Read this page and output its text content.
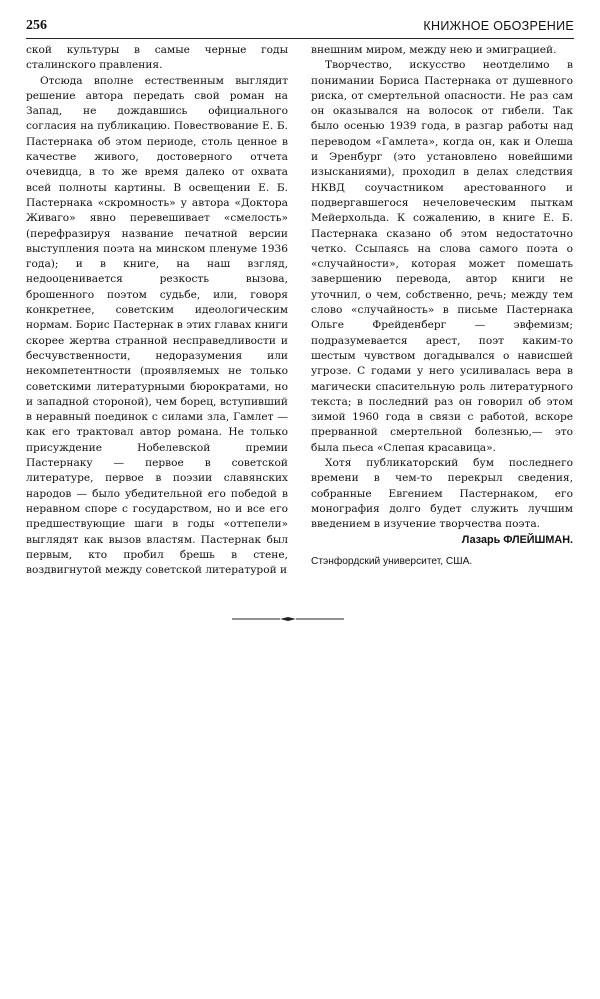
256	КНИЖНОЕ ОБОЗРЕНИЕ

ской культуры в самые черные годы сталинского правления.

Отсюда вполне естественным выглядит решение автора передать свой роман на Запад, не дождавшись официального согласия на публикацию. Повествование Е. Б. Пастернака об этом периоде, столь ценное в качестве живого, достоверного отчета очевидца, в то же время далеко от охвата всей полноты картины. В освещении Е. Б. Пастернака «скромность» у автора «Доктора Живаго» явно перевешивает «смелость» (перефразируя название печатной версии выступления поэта на минском пленуме 1936 года); и в книге, на наш взгляд, недооценивается резкость вызова, брошенного поэтом судьбе, или, говоря конкретнее, советским идеологическим нормам. Борис Пастернак в этих главах книги скорее жертва странной несправедливости и бесчувственности, недоразумения или некомпетентности (проявляемых не только советскими литературными бюрократами, но и западной стороной), чем борец, вступивший в неравный поединок с силами зла, Гамлет — как его трактовал автор романа. Не только присуждение Нобелевской премии Пастернаку — первое в советской литературе, первое в поэзии славянских народов — было убедительной его победой в неравном споре с государством, но и все его предшествующие шаги в годы «оттепели» выглядят как вызов властям. Пастернак был первым, кто пробил брешь в стене, воздвигнутой между советской литературой и

внешним миром, между нею и эмиграцией.

Творчество, искусство неотделимо в понимании Бориса Пастернака от душевного риска, от смертельной опасности. Не раз сам он оказывался на волосок от гибели. Так было осенью 1939 года, в разгар работы над переводом «Гамлета», когда он, как и Олеша и Эренбург (это установлено новейшими изысканиями), проходил в делах следствия НКВД соучастником арестованного и подвергавшегося нечеловеческим пыткам Мейерхольда. К сожалению, в книге Е. Б. Пастернака сказано об этом недостаточно четко. Ссылаясь на слова самого поэта о «случайности», которая может помешать завершению перевода, автор книги не уточнил, о чем, собственно, речь; между тем слово «случайность» в письме Пастернака Ольге Фрейденберг — эвфемизм; подразумевается арест, поэт каким-то шестым чувством догадывался о нависшей угрозе. С годами у него усиливалась вера в магически спасительную роль литературного текста; в последний раз он говорил об этом зимой 1960 года в связи с работой, вскоре прерванной смертельной болезнью,— это была пьеса «Слепая красавица».

Хотя публикаторский бум последнего времени в чем-то перекрыл сведения, собранные Евгением Пастернаком, его монография долго будет служить лучшим введением в изучение творчества поэта.

Лазарь ФЛЕЙШМАН.

Стэнфордский университет, США.
